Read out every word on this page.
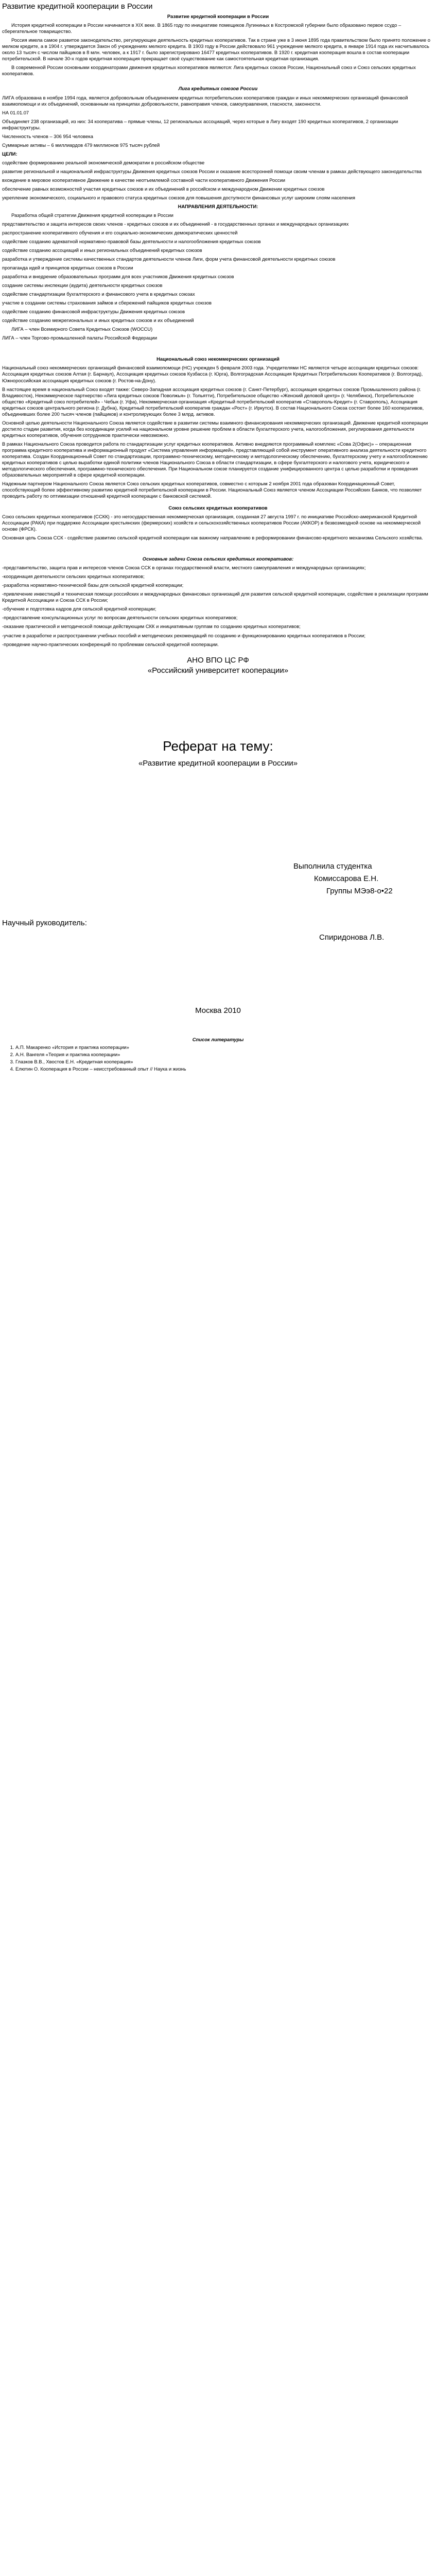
Развитие кредитной кооперации в России

Развитие кредитной кооперации в России

История кредитной кооперации в России начинается в XIX веке. В 1865 году по инициативе помещиков Лугининых в Костромской губернии было образовано первое ссудо – сберегательное товарищество.

Россия имела самое развитое законодательство, регулирующее деятельность кредитных кооперативов. Так в стране уже в 3 июня 1895 года правительством было принято положение о мелком кредите, а в 1904 г. утверждается Закон об учреждениях мелкого кредита. В 1903 году в России действовало 961 учреждение мелкого кредита, в январе 1914 года их насчитывалось около 13 тысяч с числом пайщиков в 8 млн. человек, а к 1917 г. было зарегистрировано 16477 кредитных кооперативов. В 1920 г. кредитная кооперация вошла в состав кооперации потребительской. В начале 30-х годов кредитная кооперация прекращает своё существование как самостоятельная кредитная организация.

В современной России основными координаторами движения кредитных кооперативов являются: Лига кредитных союзов России, Национальный союз и Союз сельских кредитных кооперативов.

Лига кредитных союзов России

ЛИГА образована в ноябре 1994 года, является добровольным объединением кредитных потребительских кооперативов граждан и иных некоммерческих организаций финансовой взаимопомощи и их объединений, основанным на принципах добровольности, равноправия членов, самоуправления, гласности, законности.

НА 01.01.07

Объединяет 238 организаций, из них: 34 кооператива – прямые члены, 12 региональных ассоциаций, через которые в Лигу входят 190 кредитных кооперативов, 2 организации инфраструктуры.

Численность членов – 306 954 человека

Суммарные активы – 6 миллиардов 479 миллионов 975 тысяч рублей

ЦЕЛИ:

содействие формированию реальной экономической демократии в российском обществе

развитие региональной и национальной инфраструктуры Движения кредитных союзов России и оказание всесторонней помощи своим членам в рамках действующего законодательства

вхождение в мировое кооперативное Движение в качестве неотъемлемой составной части кооперативного Движения России

обеспечение равных возможностей участия кредитных союзов и их объединений в российском и международном Движении кредитных союзов

укрепление экономического, социального и правового статуса кредитных союзов для повышения доступности финансовых услуг широким слоям населения

НАПРАВЛЕНИЯ ДЕЯТЕЛЬНОСТИ:

Разработка общей стратегии Движения кредитной кооперации в России

представительство и защита интересов своих членов - кредитных союзов и их объединений - в государственных органах и международных организациях

распространение кооперативного обучения и его социально-экономических демократических ценностей

содействие созданию адекватной нормативно-правовой базы деятельности и налогообложения кредитных союзов

содействие созданию ассоциаций и иных региональных объединений кредитных союзов

разработка и утверждение системы качественных стандартов деятельности членов Лиги, форм учета финансовой деятельности кредитных союзов

пропаганда идей и принципов кредитных союзов в России

разработка и внедрение образовательных программ для всех участников Движения кредитных союзов

создание системы инспекции (аудита) деятельности кредитных союзов

содействие стандартизации бухгалтерского и финансового учета в кредитных союзах

участие в создании системы страхования займов и сбережений пайщиков кредитных союзов

содействие созданию финансовой инфраструктуры Движения кредитных союзов

содействие созданию межрегиональных и иных кредитных союзов и их объединений

ЛИГА – член Всемирного Совета Кредитных Союзов (WOCCU)

ЛИГА – член Торгово-промышленной палаты Российской Федерации

Национальный союз некоммерческих организаций

Национальный союз некоммерческих организаций финансовой взаимопомощи (НС) учрежден 5 февраля 2003 года. Учредителями НС являются четыре ассоциации кредитных союзов: Ассоциация кредитных союзов Алтая (г. Барнаул), Ассоциация кредитных союзов Кузбасса (г. Юрга), Волгоградская Ассоциация Кредитных Потребительских Кооперативов (г. Волгоград), Южнороссийская ассоциация кредитных союзов (г. Ростов-на-Дону).

В настоящее время в национальный Союз входят также: Северо-Западная ассоциация кредитных союзов (г. Санкт-Петербург), ассоциация кредитных союзов Промышленного района (г. Владивосток), Некоммерческое партнерство «Лига кредитных союзов Поволжья» (г. Тольятти), Потребительское общество «Женский деловой центр» (г. Челябинск), Потребительское общество «Кредитный союз потребителей» - Чебык (г. Уфа), Некоммерческая организация «Кредитный потребительский кооператив «Ставрополь-Кредит» (г. Ставрополь), Ассоциация кредитных союзов центрального региона (г. Дубна), Кредитный потребительский кооператив граждан «Рост» (г. Иркутск). В состав Национального Союза состоит более 160 кооперативов, объединивших более 200 тысяч членов (пайщиков) и контролирующих более 3 млрд. активов.

Основной целью деятельности Национального Союза является содействие в развитии системы взаимного финансирования некоммерческих организаций. Движение кредитной кооперации достигло стадии развития, когда без координации усилий на национальном уровне решение проблем в области бухгалтерского учета, налогообложения, регулирования деятельности кредитных кооперативов, обучения сотрудников практически невозможно.

В рамках Национального Союза проводится работа по стандартизации услуг кредитных кооперативов. Активно внедряются программный комплекс «Сова 2(Офис)» – операционная программа кредитного кооператива и информационный продукт «Система управления информацией», представляющей собой инструмент оперативного анализа деятельности кредитного кооператива. Создан Координационный Совет по стандартизации, программно-техническому, методическому и методологическому обеспечению, бухгалтерскому учету и налогообложению кредитных кооперативов с целью выработки единой политики членов Национального Союза в области стандартизации, в сфере бухгалтерского и налогового учета, юридического и методологического обеспечения, программно-технического обеспечения. При Национальном союзе планируется создание унифицированного центра с целью разработки и проведения образовательных мероприятий в сфере кредитной кооперации.

Надежным партнером Национального Союза является Союз сельских кредитных кооперативов, совместно с которым 2 ноября 2001 года образован Координационный Совет, способствующий более эффективному развитию кредитной потребительской кооперации в России. Национальный Союз является членом Ассоциации Российских Банков, что позволяет проводить работу по оптимизации отношений кредитной кооперации с банковской системой.

Союз сельских кредитных кооперативов

Союз сельских кредитных кооперативов (ССКК) - это негосударственная некоммерческая организация, созданная 27 августа 1997 г. по инициативе Российско-американской Кредитной Ассоциации (РАКА) при поддержке Ассоциации крестьянских (фермерских) хозяйств и сельскохозяйственных кооперативов России (АККОР) в безвозмездной основе на некоммерческой основе (ФРСК).

Основная цель Союза ССК - содействие развитию сельской кредитной кооперации как важному направлению в реформировании финансово-кредитного механизма Сельского хозяйства.

Основные задачи Союза сельских кредитных кооперативов:

-представительство, защита прав и интересов членов Союза ССК в органах государственной власти, местного самоуправления и международных организациях;

-координация деятельности сельских кредитных кооперативов;

-разработка нормативно-технической базы для сельской кредитной кооперации;

-привлечение инвестиций и техническая помощи российских и международных финансовых организаций для развития сельской кредитной кооперации, содействие в реализации программ Кредитной Ассоциации и Союза ССК в России;

-обучение и подготовка кадров для сельской кредитной кооперации;

-предоставление консультационных услуг по вопросам деятельности сельских кредитных кооперативов;

-оказание практической и методической помощи действующим СКК и инициативным группам по созданию кредитных кооперативов;

-участие в разработке и распространении учебных пособий и методических рекомендаций по созданию и функционированию кредитных кооперативов в России;

-проведение научно-практических конференций по проблемам сельской кредитной кооперации.

АНО ВПО ЦС РФ
«Российский университет кооперации»
Реферат на тему:
«Развитие кредитной кооперации в России»
Выполнила студентка
Комиссарова Е.Н.
Группы МЭэ8-о•22
Научный руководитель:
Спиридонова Л.В.
Москва 2010

Список литературы

1. А.П. Макаренко «История и практика кооперации»
2. А.Н. Вангеля «Теория и практика кооперации»
3. Глазков В.В., Хвостов Е.Н. «Кредитная кооперация»
4. Елютин О. Кооперация в России – неисстребованный опыт // Наука и жизнь
